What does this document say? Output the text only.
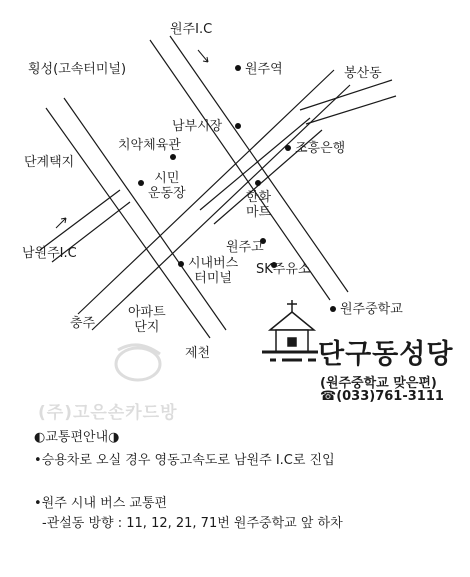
원주I.C
원주역
횡성(고속터미널)	봉산동
남부시장
조흥은행
치악체육관
단계택지
시민
운동장	한화
마트
원주고
SK주유소
시내버스
터미널
남원주I.C
원주중학교
충주
아파트
단지
제천	단구동성당
(원주중학교 맞은편)
☎(033)761-3111
(주)고은손카드방
◐교통편안내◑
•승용차로 오실 경우 영동고속도로 남원주 I.C로 진입
•원주 시내 버스 교통편
-관설동 방향 : 11, 12, 21, 71번 원주중학교 앞 하차
